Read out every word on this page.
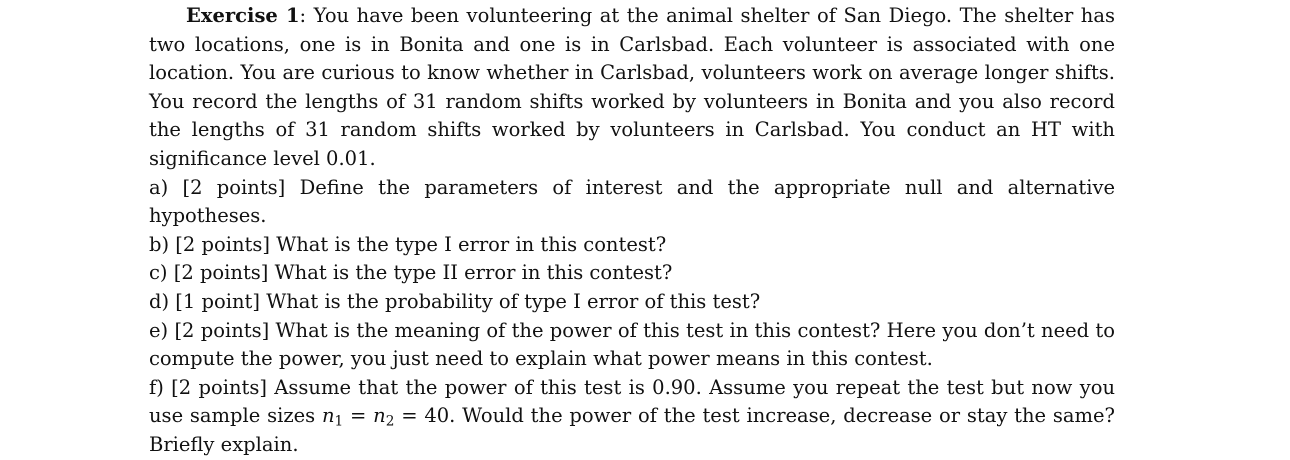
Exercise 1: You have been volunteering at the animal shelter of San Diego. The shelter has two locations, one is in Bonita and one is in Carlsbad. Each volunteer is associated with one location. You are curious to know whether in Carlsbad, volunteers work on average longer shifts. You record the lengths of 31 random shifts worked by volunteers in Bonita and you also record the lengths of 31 random shifts worked by volunteers in Carlsbad. You conduct an HT with significance level 0.01.

a) [2 points] Define the parameters of interest and the appropriate null and alternative hypotheses.

b) [2 points] What is the type I error in this contest?

c) [2 points] What is the type II error in this contest?

d) [1 point] What is the probability of type I error of this test?

e) [2 points] What is the meaning of the power of this test in this contest? Here you don’t need to compute the power, you just need to explain what power means in this contest.

f) [2 points] Assume that the power of this test is 0.90. Assume you repeat the test but now you use sample sizes $n_1 = n_2 = 40$. Would the power of the test increase, decrease or stay the same? Briefly explain.
